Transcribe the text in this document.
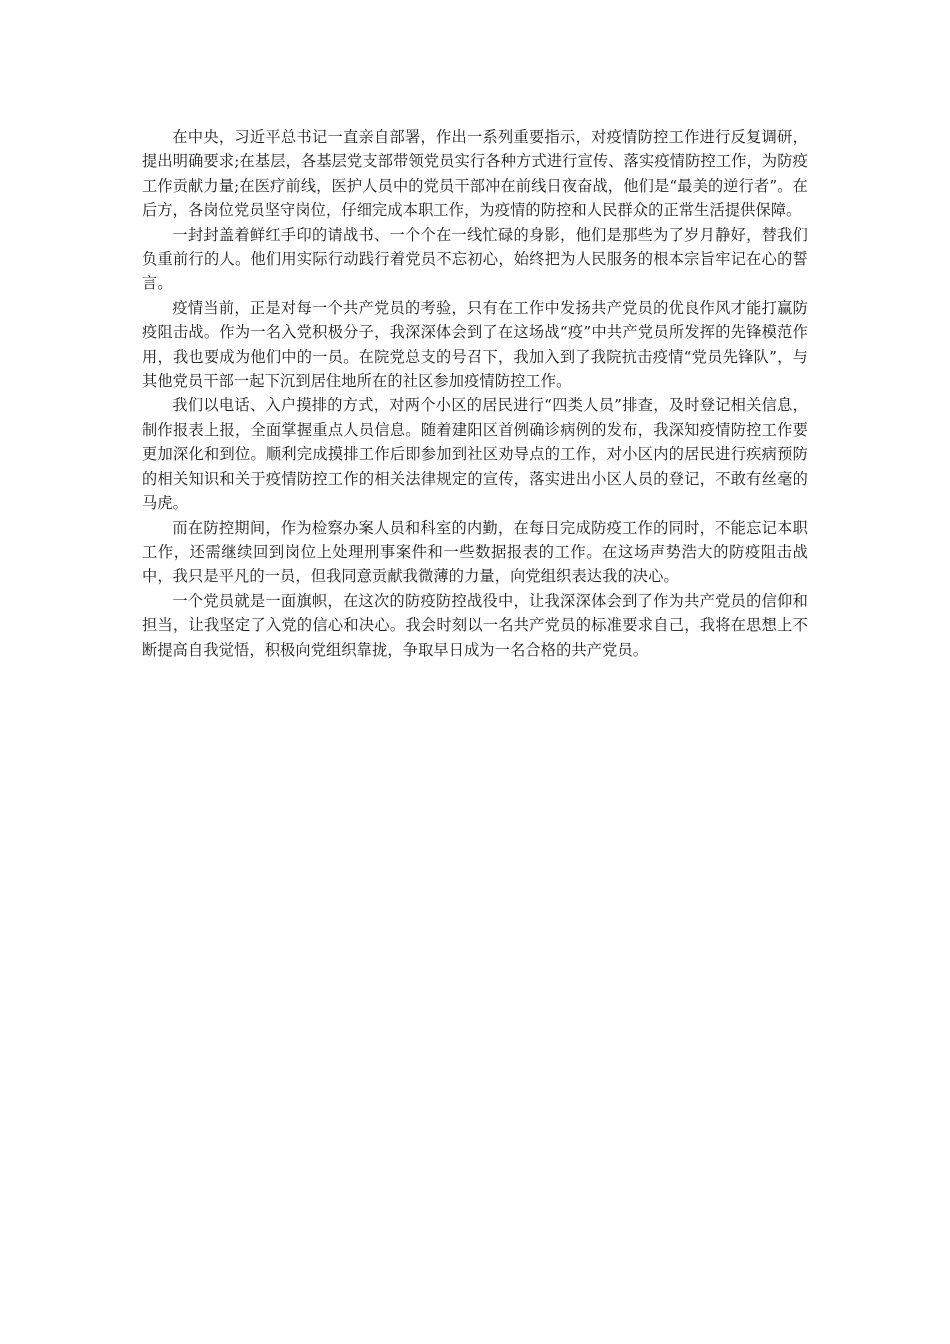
在中央，习近平总书记一直亲自部署，作出一系列重要指示，对疫情防控工作进行反复调研，提出明确要求;在基层，各基层党支部带领党员实行各种方式进行宣传、落实疫情防控工作，为防疫工作贡献力量;在医疗前线，医护人员中的党员干部冲在前线日夜奋战，他们是“最美的逆行者”。在后方，各岗位党员坚守岗位，仔细完成本职工作，为疫情的防控和人民群众的正常生活提供保障。

一封封盖着鲜红手印的请战书、一个个在一线忙碌的身影，他们是那些为了岁月静好，替我们负重前行的人。他们用实际行动践行着党员不忘初心，始终把为人民服务的根本宗旨牢记在心的誓言。

疫情当前，正是对每一个共产党员的考验，只有在工作中发扬共产党员的优良作风才能打赢防疫阻击战。作为一名入党积极分子，我深深体会到了在这场战“疫”中共产党员所发挥的先锋模范作用，我也要成为他们中的一员。在院党总支的号召下，我加入到了我院抗击疫情“党员先锋队”，与其他党员干部一起下沉到居住地所在的社区参加疫情防控工作。

我们以电话、入户摸排的方式，对两个小区的居民进行“四类人员”排查，及时登记相关信息，制作报表上报，全面掌握重点人员信息。随着建阳区首例确诊病例的发布，我深知疫情防控工作要更加深化和到位。顺利完成摸排工作后即参加到社区劝导点的工作，对小区内的居民进行疾病预防的相关知识和关于疫情防控工作的相关法律规定的宣传，落实进出小区人员的登记，不敢有丝毫的马虎。

而在防控期间，作为检察办案人员和科室的内勤，在每日完成防疫工作的同时，不能忘记本职工作，还需继续回到岗位上处理刑事案件和一些数据报表的工作。在这场声势浩大的防疫阻击战中，我只是平凡的一员，但我同意贡献我微薄的力量，向党组织表达我的决心。

一个党员就是一面旗帜，在这次的防疫防控战役中，让我深深体会到了作为共产党员的信仰和担当，让我坚定了入党的信心和决心。我会时刻以一名共产党员的标准要求自己，我将在思想上不断提高自我觉悟，积极向党组织靠拢，争取早日成为一名合格的共产党员。
